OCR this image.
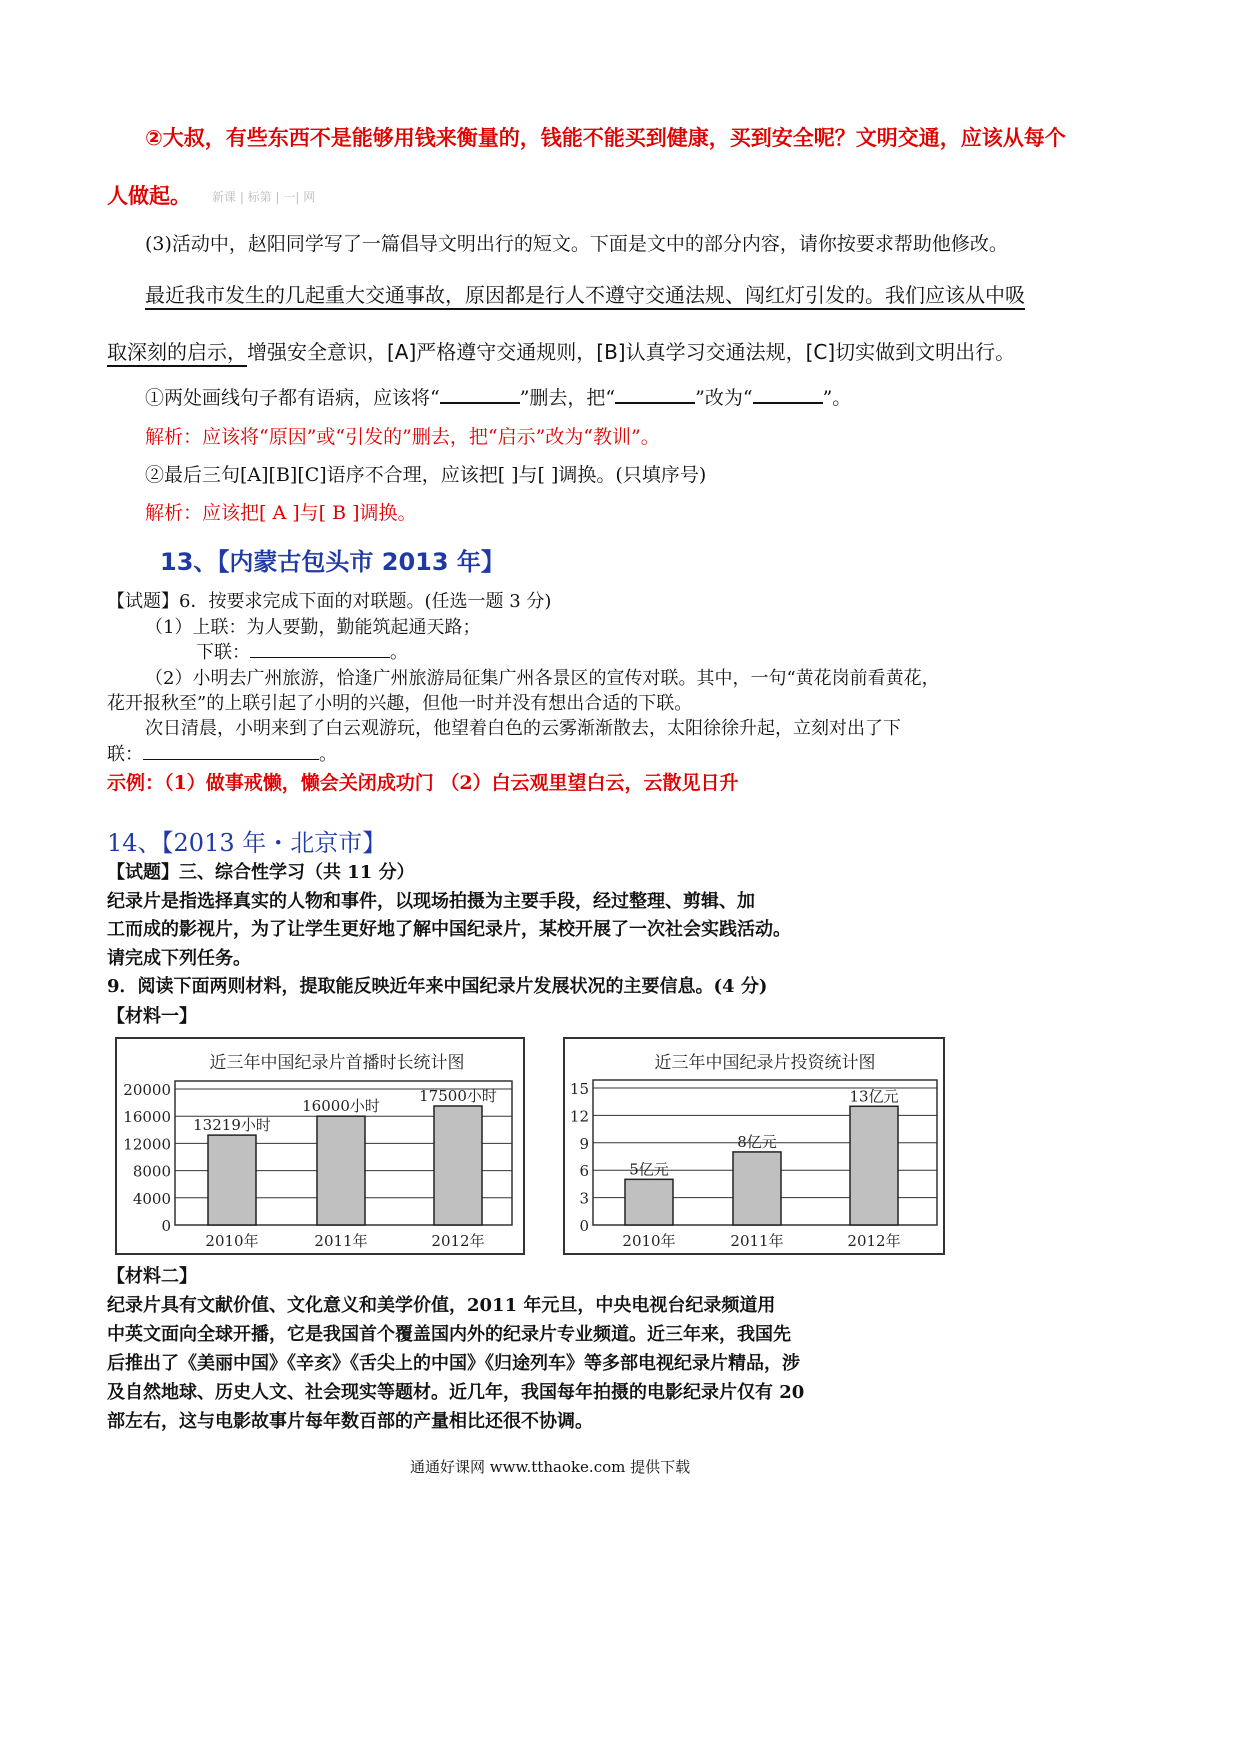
②大叔，有些东西不是能够用钱来衡量的，钱能不能买到健康，买到安全呢？文明交通，应该从每个
人做起。 新课 | 标第 | 一| 网
(3)活动中，赵阳同学写了一篇倡导文明出行的短文。下面是文中的部分内容，请你按要求帮助他修改。
最近我市发生的几起重大交通事故，原因都是行人不遵守交通法规、闯红灯引发的。我们应该从中吸
取深刻的启示，增强安全意识，[A]严格遵守交通规则，[B]认真学习交通法规，[C]切实做到文明出行。
①两处画线句子都有语病，应该将“	”删去，把“	”改为“	”。
解析：应该将“原因”或“引发的”删去，把“启示”改为“教训”。
②最后三句[A][B][C]语序不合理，应该把[ ]与[ ]调换。(只填序号)
解析：应该把[ A ]与[ B ]调换。
13、【内蒙古包头市 2013 年】
【试题】6．按要求完成下面的对联题。(任选一题 3 分)
（1）上联：为人要勤，勤能筑起通天路；
下联：	。
（2）小明去广州旅游，恰逢广州旅游局征集广州各景区的宣传对联。其中，一句“黄花岗前看黄花，
花开报秋至”的上联引起了小明的兴趣，但他一时并没有想出合适的下联。
次日清晨，小明来到了白云观游玩，他望着白色的云雾渐渐散去，太阳徐徐升起，立刻对出了下
联：	。
示例：（1）做事戒懒，懒会关闭成功门 （2）白云观里望白云，云散见日升
14、【2013 年・北京市】
【试题】三、综合性学习（共 11 分）
纪录片是指选择真实的人物和事件，以现场拍摄为主要手段，经过整理、剪辑、加
工而成的影视片，为了让学生更好地了解中国纪录片，某校开展了一次社会实践活动。
请完成下列任务。
9．阅读下面两则材料，提取能反映近年来中国纪录片发展状况的主要信息。(4 分)
【材料一】
近三年中国纪录片首播时长统计图
20000
16000
12000
8000
4000
0
13219小时
2010年
16000小时
2011年
17500小时
2012年
近三年中国纪录片投资统计图
15
12
9
6
3
0
5亿元
2010年
8亿元
2011年
13亿元
2012年
【材料二】
纪录片具有文献价值、文化意义和美学价值，2011 年元旦，中央电视台纪录频道用
中英文面向全球开播，它是我国首个覆盖国内外的纪录片专业频道。近三年来，我国先
后推出了《美丽中国》《辛亥》《舌尖上的中国》《归途列车》等多部电视纪录片精品，涉
及自然地球、历史人文、社会现实等题材。近几年，我国每年拍摄的电影纪录片仅有 20
部左右，这与电影故事片每年数百部的产量相比还很不协调。
通通好课网 www.tthaoke.com 提供下载
